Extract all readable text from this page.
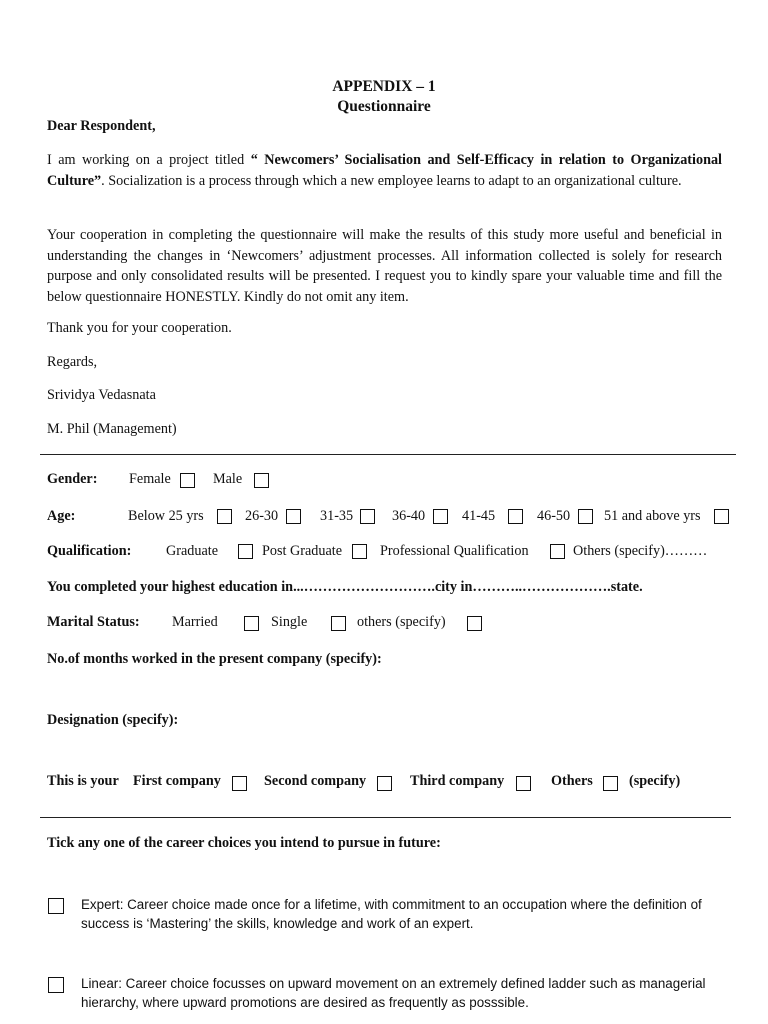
APPENDIX – 1
Questionnaire
Dear Respondent,
I am working on a project titled “ Newcomers’ Socialisation and Self-Efficacy in relation to Organizational Culture”. Socialization is a process through which a new employee learns to adapt to an organizational culture.
Your cooperation in completing the questionnaire will make the results of this study more useful and beneficial in understanding the changes in ‘Newcomers’ adjustment processes. All information collected is solely for research purpose and only consolidated results will be presented. I request you to kindly spare your valuable time and fill the below questionnaire HONESTLY. Kindly do not omit any item.
Thank you for your cooperation.
Regards,
Srividya Vedasnata
M. Phil (Management)
Gender: Female	Male
Age:	Below 25 yrs	26-30	31-35	36-40	41-45	46-50 51 and above yrs
Qualification: Graduate	Post Graduate	Professional Qualification	Others (specify)………
You completed your highest education in...……………………….city in………..……………….state.
Marital Status: Married	Single	others (specify)
No.of months worked in the present company (specify):
Designation (specify):
This is your First company	Second company	Third company	Others	(specify)
Tick any one of the career choices you intend to pursue in future:
Expert: Career choice made once for a lifetime, with commitment to an occupation where the definition of success is ‘Mastering’ the skills, knowledge and work of an expert.
Linear: Career choice focusses on upward movement on an extremely defined ladder such as managerial hierarchy, where upward promotions are desired as frequently as posssible.
